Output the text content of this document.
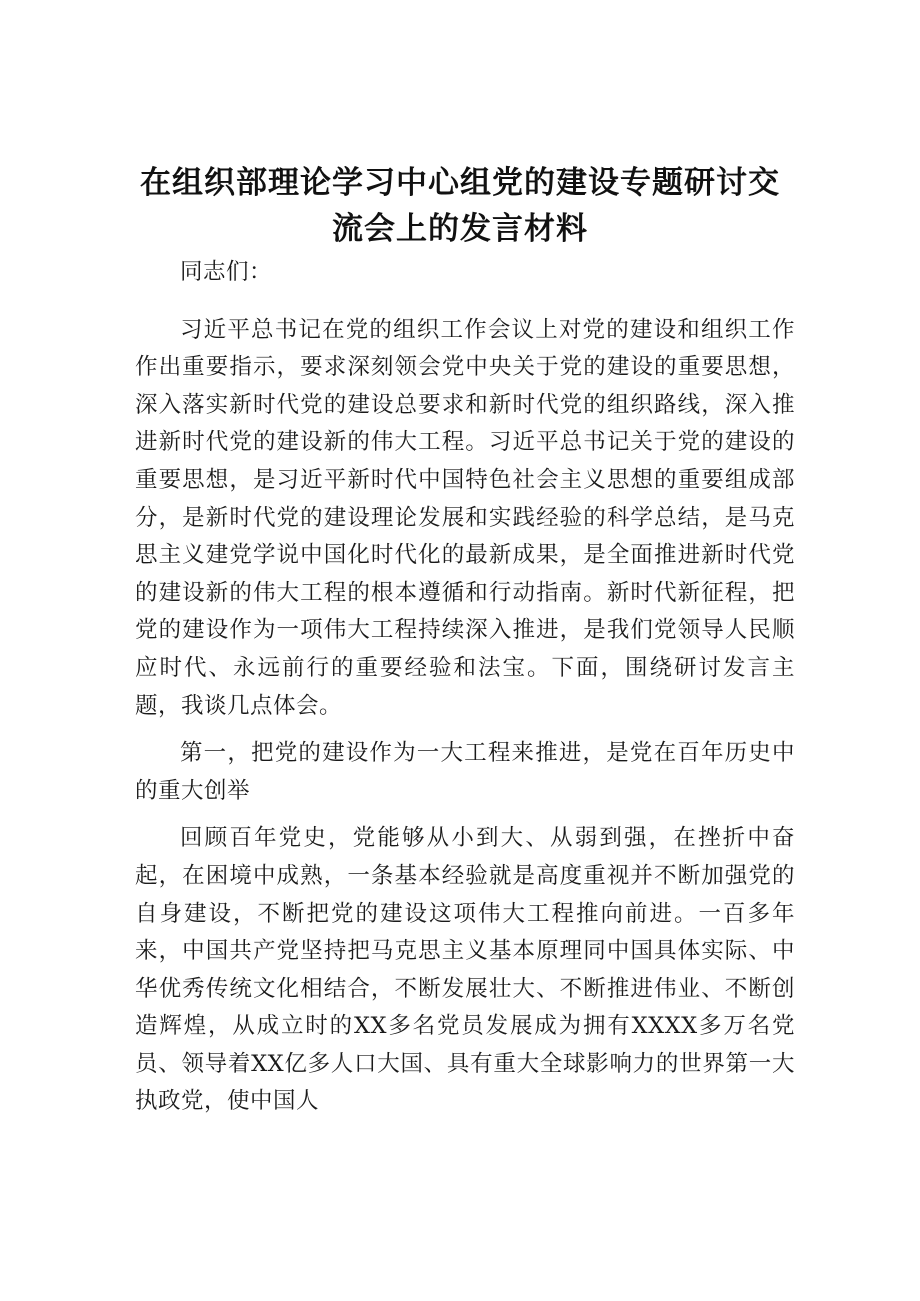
在组织部理论学习中心组党的建设专题研讨交
流会上的发言材料

同志们：

习近平总书记在党的组织工作会议上对党的建设和组织工作作出重要指示，要求深刻领会党中央关于党的建设的重要思想，深入落实新时代党的建设总要求和新时代党的组织路线，深入推进新时代党的建设新的伟大工程。习近平总书记关于党的建设的重要思想，是习近平新时代中国特色社会主义思想的重要组成部分，是新时代党的建设理论发展和实践经验的科学总结，是马克思主义建党学说中国化时代化的最新成果，是全面推进新时代党的建设新的伟大工程的根本遵循和行动指南。新时代新征程，把党的建设作为一项伟大工程持续深入推进，是我们党领导人民顺应时代、永远前行的重要经验和法宝。下面，围绕研讨发言主题，我谈几点体会。

第一，把党的建设作为一大工程来推进，是党在百年历史中的重大创举

回顾百年党史，党能够从小到大、从弱到强，在挫折中奋起，在困境中成熟，一条基本经验就是高度重视并不断加强党的自身建设，不断把党的建设这项伟大工程推向前进。一百多年来，中国共产党坚持把马克思主义基本原理同中国具体实际、中华优秀传统文化相结合，不断发展壮大、不断推进伟业、不断创造辉煌，从成立时的XX多名党员发展成为拥有XXXX多万名党员、领导着XX亿多人口大国、具有重大全球影响力的世界第一大执政党，使中国人
